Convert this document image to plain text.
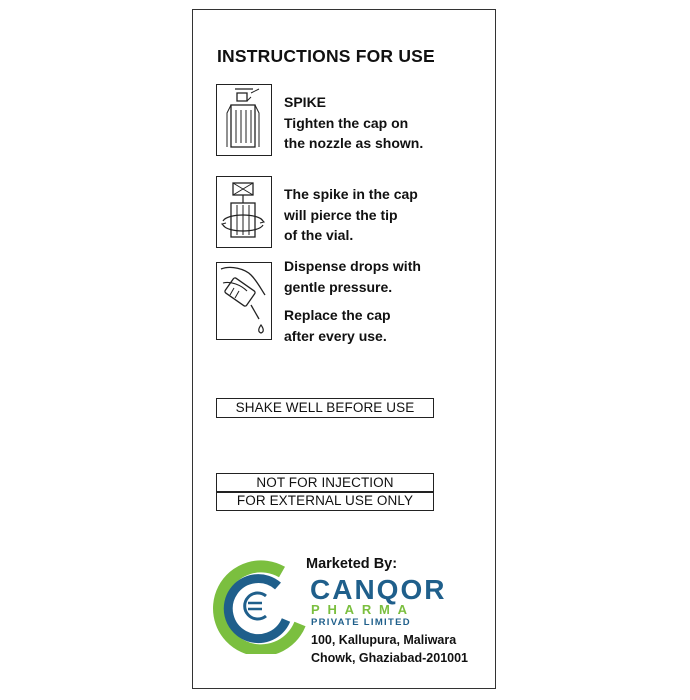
INSTRUCTIONS FOR USE
SPIKE
Tighten the cap on
the nozzle as shown.
The spike in the cap
will pierce the tip
of the vial.
Dispense drops with
gentle pressure.
Replace the cap
after every use.
SHAKE WELL BEFORE USE
NOT FOR INJECTION
FOR EXTERNAL USE ONLY
Marketed By:
CANQOR
PHARMA
PRIVATE LIMITED
100, Kallupura, Maliwara
Chowk, Ghaziabad-201001
